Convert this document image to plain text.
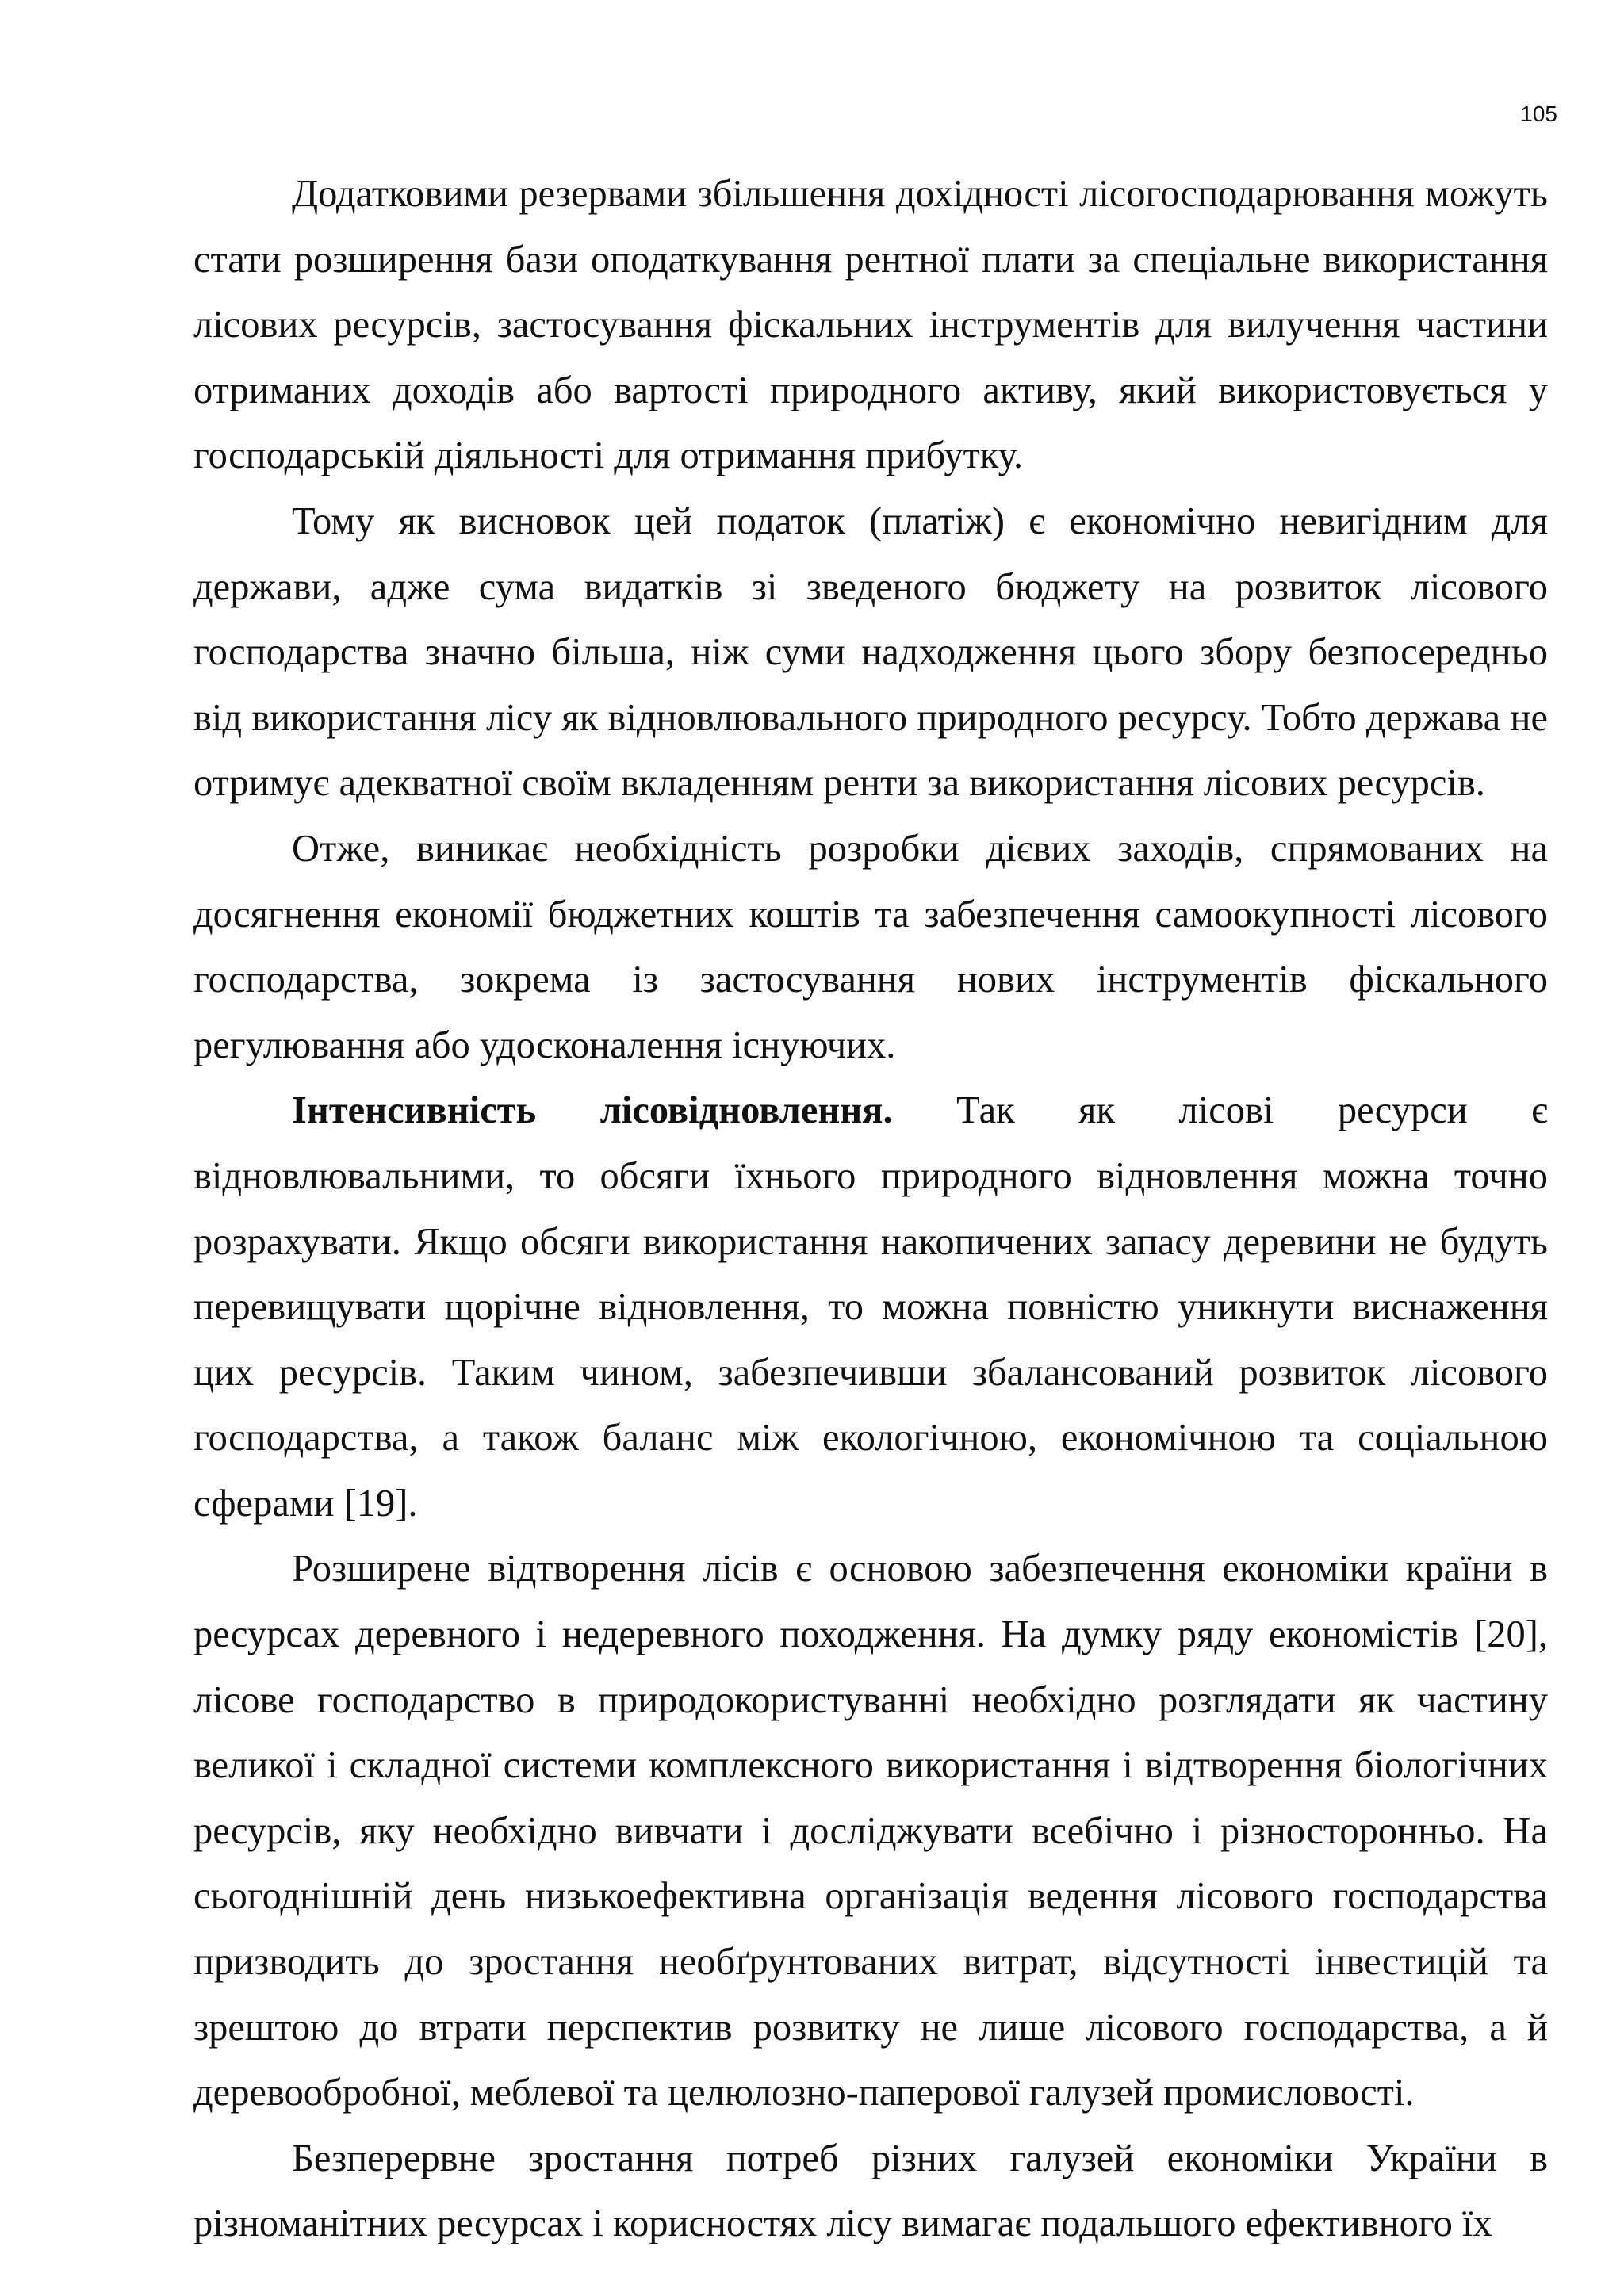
105

Додатковими резервами збільшення дохідності лісогосподарювання можуть стати розширення бази оподаткування рентної плати за спеціальне використання лісових ресурсів, застосування фіскальних інструментів для вилучення частини отриманих доходів або вартості природного активу, який використовується у господарській діяльності для отримання прибутку.

Тому як висновок цей податок (платіж) є економічно невигідним для держави, адже сума видатків зі зведеного бюджету на розвиток лісового господарства значно більша, ніж суми надходження цього збору безпосередньо від використання лісу як відновлювального природного ресурсу. Тобто держава не отримує адекватної своїм вкладенням ренти за використання лісових ресурсів.

Отже, виникає необхідність розробки дієвих заходів, спрямованих на досягнення економії бюджетних коштів та забезпечення самоокупності лісового господарства, зокрема із застосування нових інструментів фіскального регулювання або удосконалення існуючих.

Інтенсивність лісовідновлення. Так як лісові ресурси є відновлювальними, то обсяги їхнього природного відновлення можна точно розрахувати. Якщо обсяги використання накопичених запасу деревини не будуть перевищувати щорічне відновлення, то можна повністю уникнути виснаження цих ресурсів. Таким чином, забезпечивши збалансований розвиток лісового господарства, а також баланс між екологічною, економічною та соціальною сферами [19].

Розширене відтворення лісів є основою забезпечення економіки країни в ресурсах деревного і недеревного походження. На думку ряду економістів [20], лісове господарство в природокористуванні необхідно розглядати як частину великої і складної системи комплексного використання і відтворення біологічних ресурсів, яку необхідно вивчати і досліджувати всебічно і різносторонньо. На сьогоднішній день низькоефективна організація ведення лісового господарства призводить до зростання необґрунтованих витрат, відсутності інвестицій та зрештою до втрати перспектив розвитку не лише лісового господарства, а й деревообробної, меблевої та целюлозно-паперової галузей промисловості.

Безперервне зростання потреб різних галузей економіки України в різноманітних ресурсах і корисностях лісу вимагає подальшого ефективного їх
